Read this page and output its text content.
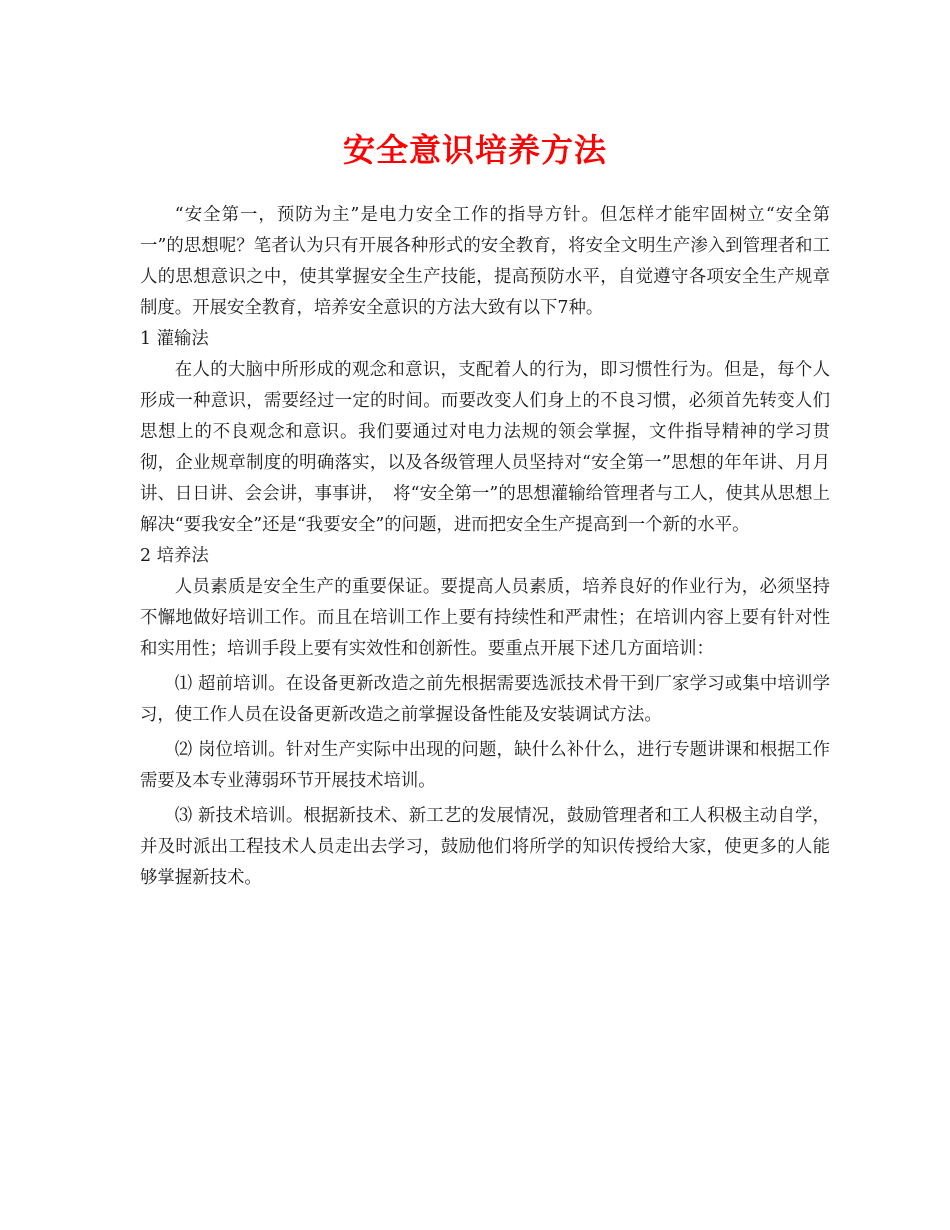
安全意识培养方法

“安全第一，预防为主”是电力安全工作的指导方针。但怎样才能牢固树立“安全第一”的思想呢？笔者认为只有开展各种形式的安全教育，将安全文明生产渗入到管理者和工人的思想意识之中，使其掌握安全生产技能，提高预防水平，自觉遵守各项安全生产规章制度。开展安全教育，培养安全意识的方法大致有以下7种。

1 灌输法

在人的大脑中所形成的观念和意识，支配着人的行为，即习惯性行为。但是，每个人形成一种意识，需要经过一定的时间。而要改变人们身上的不良习惯，必须首先转变人们思想上的不良观念和意识。我们要通过对电力法规的领会掌握，文件指导精神的学习贯彻，企业规章制度的明确落实，以及各级管理人员坚持对“安全第一”思想的年年讲、月月讲、日日讲、会会讲，事事讲，　将“安全第一”的思想灌输给管理者与工人，使其从思想上解决“要我安全”还是“我要安全”的问题，进而把安全生产提高到一个新的水平。

2 培养法

人员素质是安全生产的重要保证。要提高人员素质，培养良好的作业行为，必须坚持不懈地做好培训工作。而且在培训工作上要有持续性和严肃性；在培训内容上要有针对性和实用性；培训手段上要有实效性和创新性。要重点开展下述几方面培训：

⑴ 超前培训。在设备更新改造之前先根据需要选派技术骨干到厂家学习或集中培训学习，使工作人员在设备更新改造之前掌握设备性能及安装调试方法。

⑵ 岗位培训。针对生产实际中出现的问题，缺什么补什么，进行专题讲课和根据工作需要及本专业薄弱环节开展技术培训。

⑶ 新技术培训。根据新技术、新工艺的发展情况，鼓励管理者和工人积极主动自学，并及时派出工程技术人员走出去学习，鼓励他们将所学的知识传授给大家，使更多的人能够掌握新技术。
